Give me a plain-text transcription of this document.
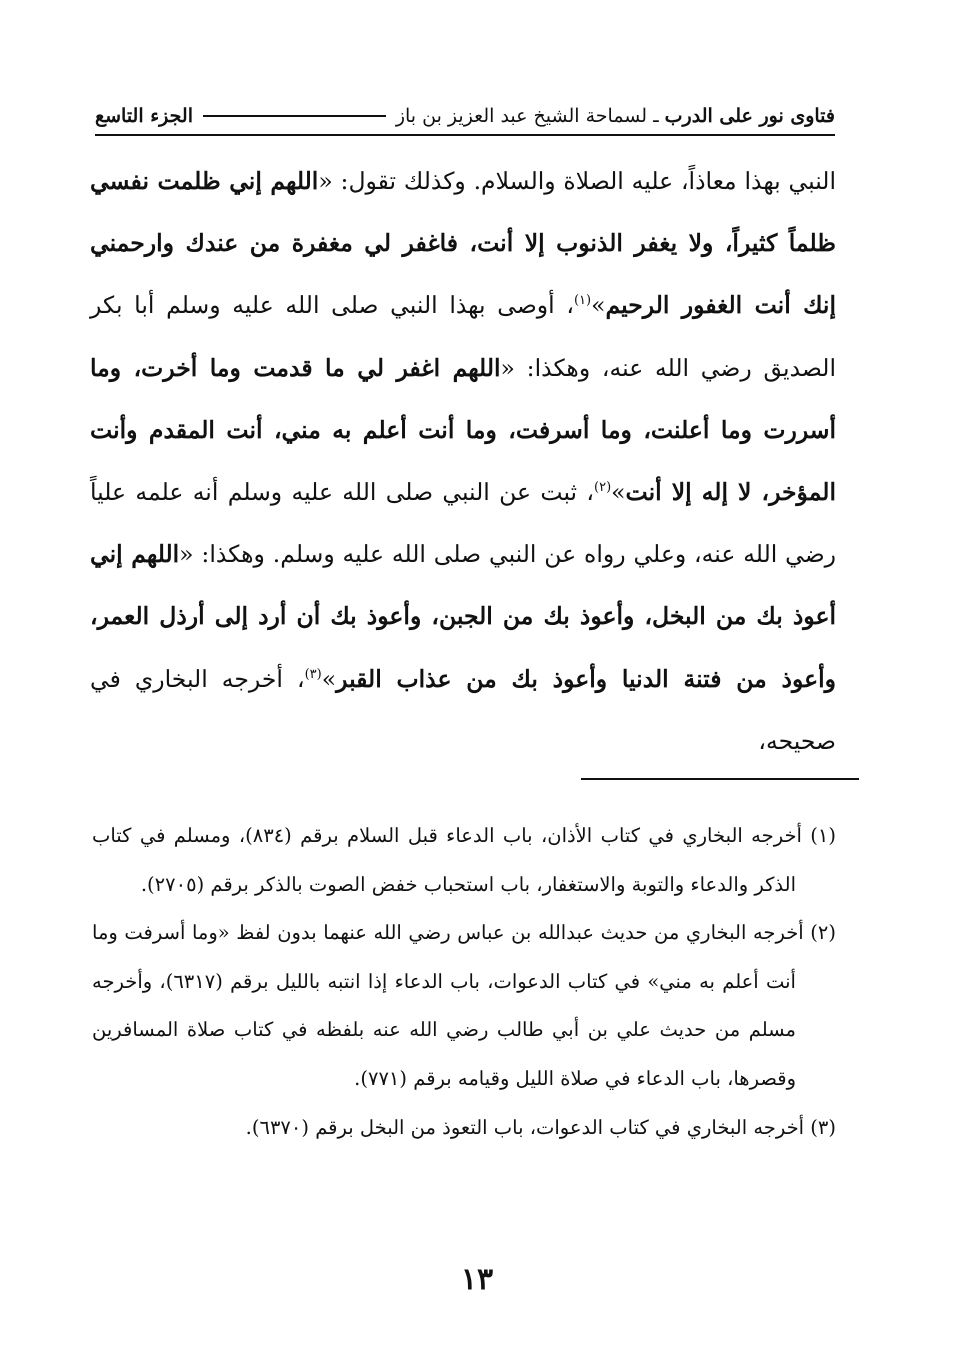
فتاوى نور على الدرب
ـ لسماحة الشيخ عبد العزيز بن باز
الجزء التاسع
النبي بهذا معاذاً، عليه الصلاة والسلام. وكذلك تقول: «اللهم إني ظلمت نفسي ظلماً كثيراً، ولا يغفر الذنوب إلا أنت، فاغفر لي مغفرة من عندك وارحمني إنك أنت الغفور الرحيم»$^{(١)}$، أوصى بهذا النبي صلى الله عليه وسلم أبا بكر الصديق رضي الله عنه، وهكذا: «اللهم اغفر لي ما قدمت وما أخرت، وما أسررت وما أعلنت، وما أسرفت، وما أنت أعلم به مني، أنت المقدم وأنت المؤخر، لا إله إلا أنت»$^{(٢)}$، ثبت عن النبي صلى الله عليه وسلم أنه علمه علياً رضي الله عنه، وعلي رواه عن النبي صلى الله عليه وسلم. وهكذا: «اللهم إني أعوذ بك من البخل، وأعوذ بك من الجبن، وأعوذ بك أن أرد إلى أرذل العمر، وأعوذ من فتنة الدنيا وأعوذ بك من عذاب القبر»$^{(٣)}$، أخرجه البخاري في صحيحه،

(١) أخرجه البخاري في كتاب الأذان، باب الدعاء قبل السلام برقم (٨٣٤)، ومسلم في كتاب الذكر والدعاء والتوبة والاستغفار، باب استحباب خفض الصوت بالذكر برقم (٢٧٠٥).

(٢) أخرجه البخاري من حديث عبدالله بن عباس رضي الله عنهما بدون لفظ «وما أسرفت وما أنت أعلم به مني» في كتاب الدعوات، باب الدعاء إذا انتبه بالليل برقم (٦٣١٧)، وأخرجه مسلم من حديث علي بن أبي طالب رضي الله عنه بلفظه في كتاب صلاة المسافرين وقصرها، باب الدعاء في صلاة الليل وقيامه برقم (٧٧١).

(٣) أخرجه البخاري في كتاب الدعوات، باب التعوذ من البخل برقم (٦٣٧٠).

١٣
